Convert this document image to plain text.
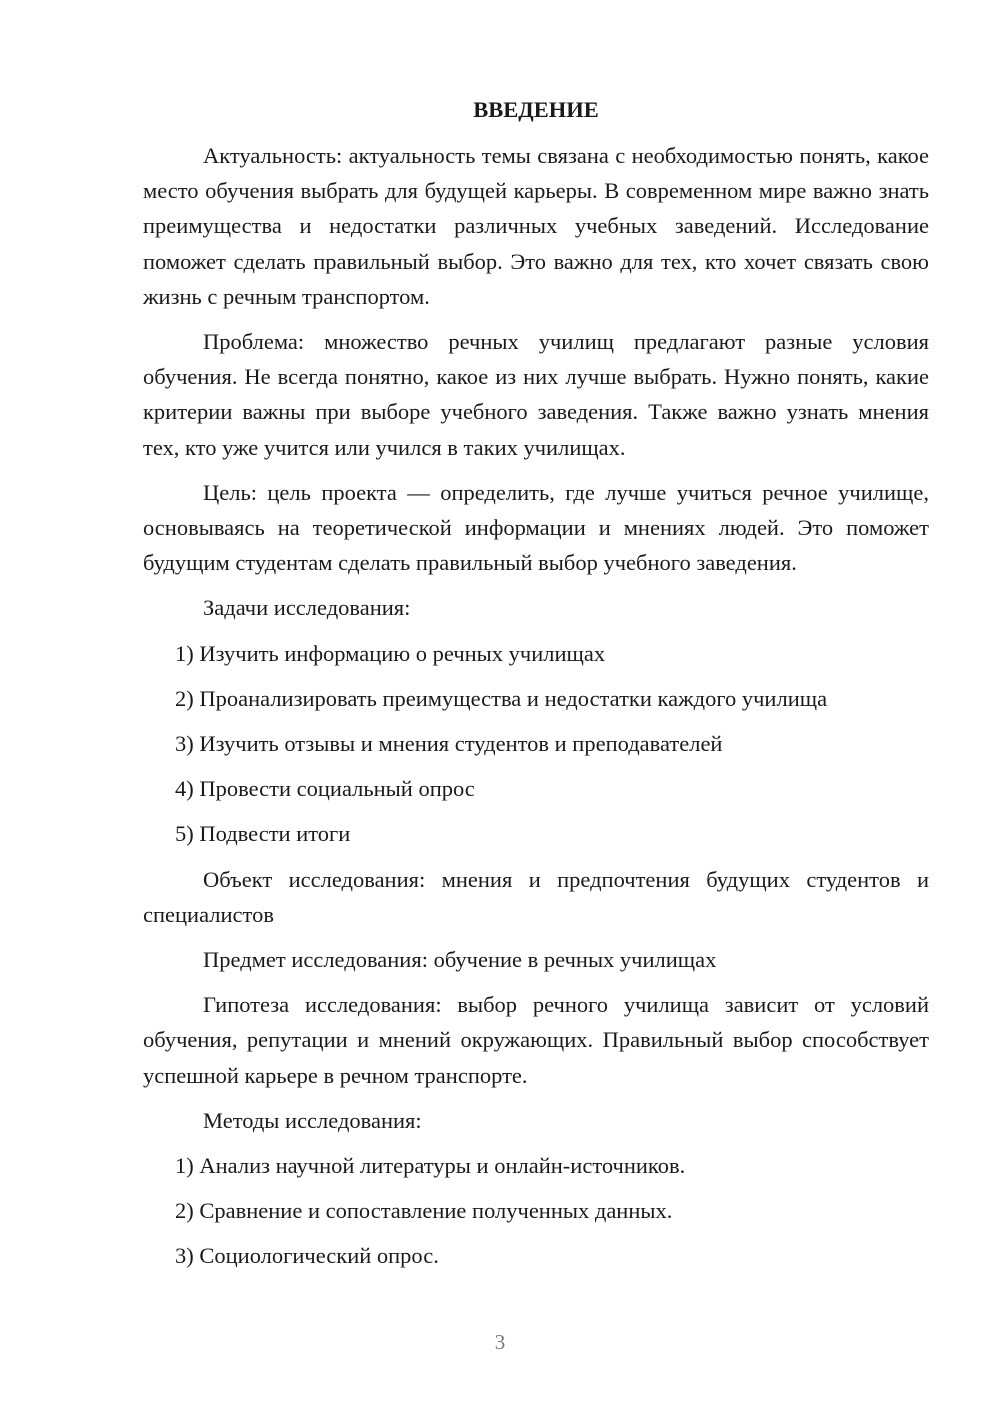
ВВЕДЕНИЕ

Актуальность: актуальность темы связана с необходимостью понять, какое место обучения выбрать для будущей карьеры. В современном мире важно знать преимущества и недостатки различных учебных заведений. Исследование поможет сделать правильный выбор. Это важно для тех, кто хочет связать свою жизнь с речным транспортом.

Проблема: множество речных училищ предлагают разные условия обучения. Не всегда понятно, какое из них лучше выбрать. Нужно понять, какие критерии важны при выборе учебного заведения. Также важно узнать мнения тех, кто уже учится или учился в таких училищах.

Цель: цель проекта — определить, где лучше учиться речное училище, основываясь на теоретической информации и мнениях людей. Это поможет будущим студентам сделать правильный выбор учебного заведения.

Задачи исследования:

1) Изучить информацию о речных училищах
2) Проанализировать преимущества и недостатки каждого училища
3) Изучить отзывы и мнения студентов и преподавателей
4) Провести социальный опрос
5) Подвести итоги

Объект исследования: мнения и предпочтения будущих студентов и специалистов

Предмет исследования: обучение в речных училищах

Гипотеза исследования: выбор речного училища зависит от условий обучения, репутации и мнений окружающих. Правильный выбор способствует успешной карьере в речном транспорте.

Методы исследования:

1) Анализ научной литературы и онлайн-источников.
2) Сравнение и сопоставление полученных данных.
3) Социологический опрос.
3
